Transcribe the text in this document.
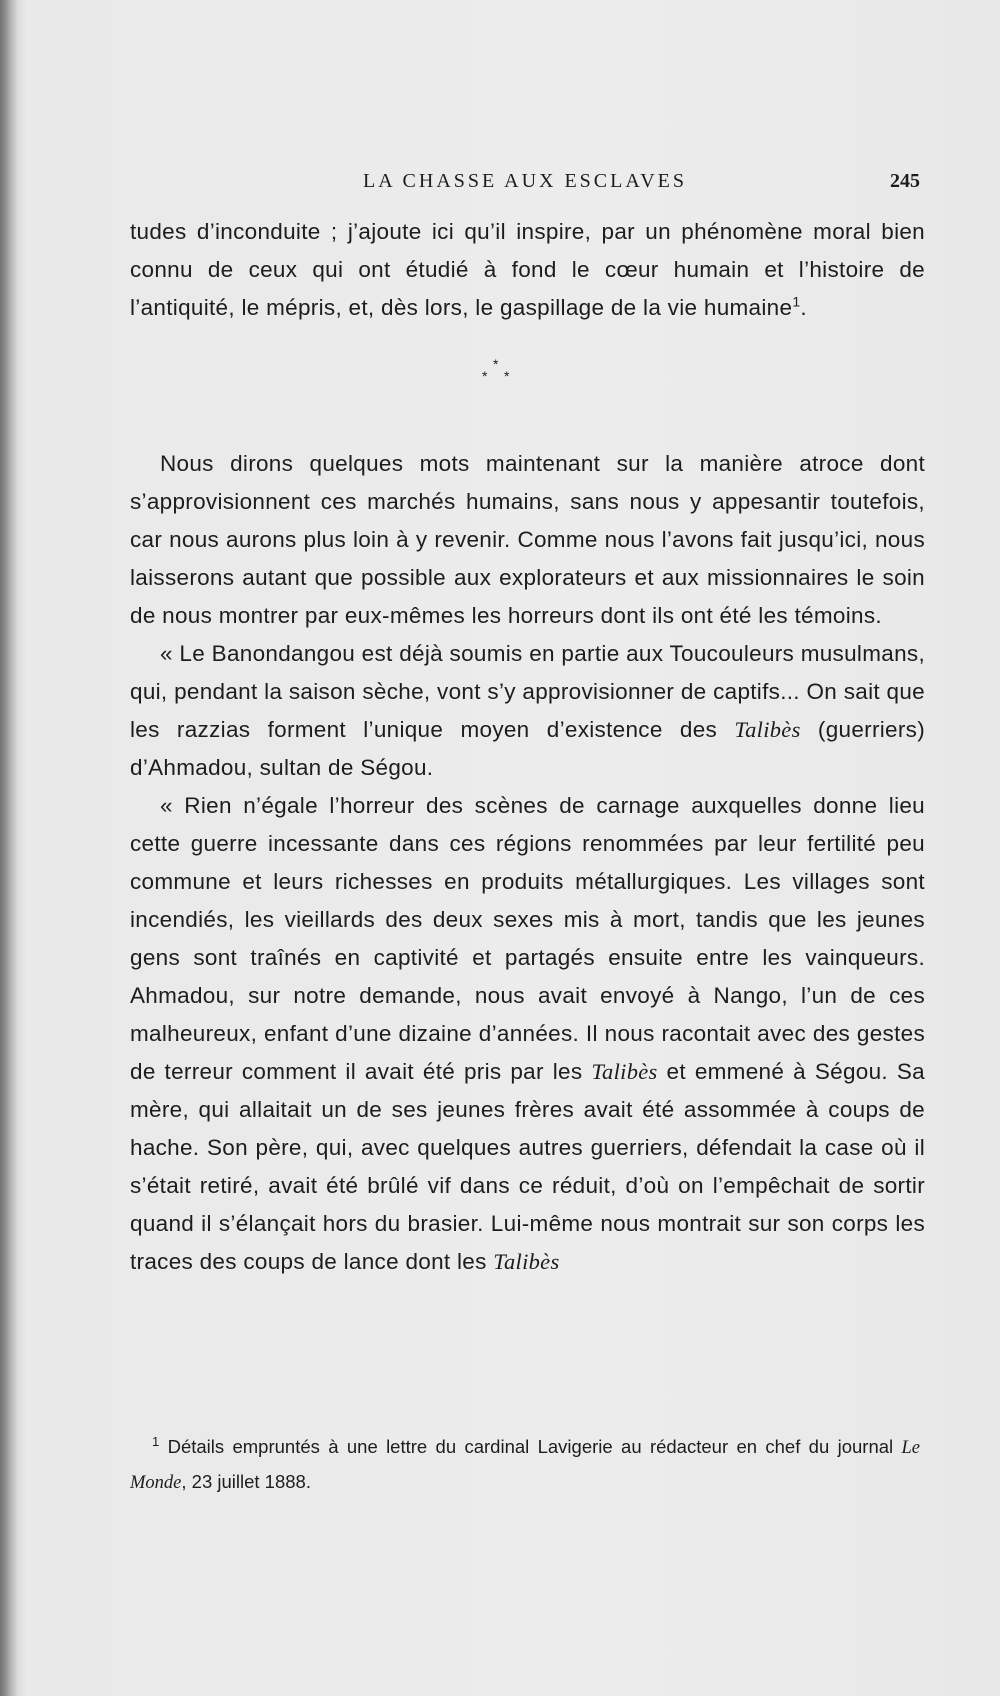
LA CHASSE AUX ESCLAVES	245

tudes d’inconduite ; j’ajoute ici qu’il inspire, par un phénomène moral bien connu de ceux qui ont étudié à fond le cœur humain et l’histoire de l’antiquité, le mépris, et, dès lors, le gaspillage de la vie humaine$^1$.

*
* *

Nous dirons quelques mots maintenant sur la manière atroce dont s’approvisionnent ces marchés humains, sans nous y appesantir toutefois, car nous aurons plus loin à y revenir. Comme nous l’avons fait jusqu’ici, nous laisserons autant que possible aux explorateurs et aux missionnaires le soin de nous montrer par eux-mêmes les horreurs dont ils ont été les témoins.

« Le Banondangou est déjà soumis en partie aux Toucouleurs musulmans, qui, pendant la saison sèche, vont s’y approvisionner de captifs... On sait que les razzias forment l’unique moyen d’existence des Talibès (guerriers) d’Ahmadou, sultan de Ségou.

« Rien n’égale l’horreur des scènes de carnage auxquelles donne lieu cette guerre incessante dans ces régions renommées par leur fertilité peu commune et leurs richesses en produits métallurgiques. Les villages sont incendiés, les vieillards des deux sexes mis à mort, tandis que les jeunes gens sont traînés en captivité et partagés ensuite entre les vainqueurs. Ahmadou, sur notre demande, nous avait envoyé à Nango, l’un de ces malheureux, enfant d’une dizaine d’années. Il nous racontait avec des gestes de terreur comment il avait été pris par les Talibès et emmené à Ségou. Sa mère, qui allaitait un de ses jeunes frères avait été assommée à coups de hache. Son père, qui, avec quelques autres guerriers, défendait la case où il s’était retiré, avait été brûlé vif dans ce réduit, d’où on l’empêchait de sortir quand il s’élançait hors du brasier. Lui-même nous montrait sur son corps les traces des coups de lance dont les Talibès

$^1$ Détails empruntés à une lettre du cardinal Lavigerie au rédacteur en chef du journal Le Monde, 23 juillet 1888.
